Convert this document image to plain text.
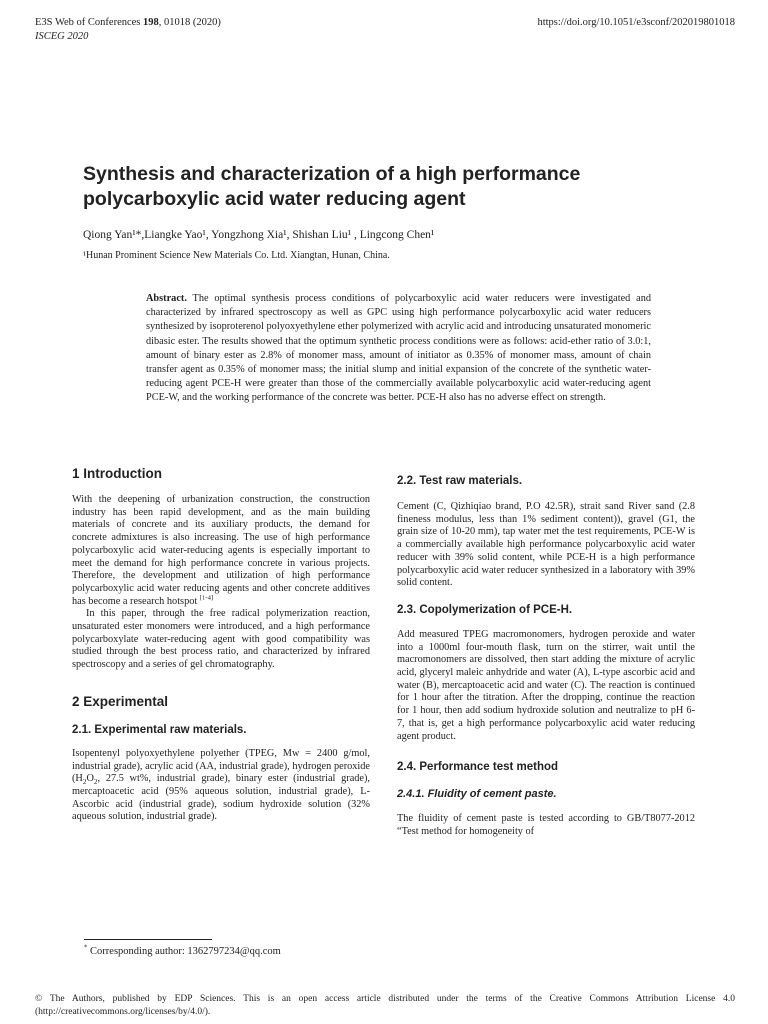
E3S Web of Conferences 198, 01018 (2020)
ISCEG 2020
https://doi.org/10.1051/e3sconf/202019801018
Synthesis and characterization of a high performance polycarboxylic acid water reducing agent
Qiong Yan¹*,Liangke Yao¹, Yongzhong Xia¹, Shishan Liu¹ , Lingcong Chen¹
¹Hunan Prominent Science New Materials Co. Ltd. Xiangtan, Hunan, China.

Abstract. The optimal synthesis process conditions of polycarboxylic acid water reducers were investigated and characterized by infrared spectroscopy as well as GPC using high performance polycarboxylic acid water reducers synthesized by isoproterenol polyoxyethylene ether polymerized with acrylic acid and introducing unsaturated monomeric dibasic ester. The results showed that the optimum synthetic process conditions were as follows: acid-ether ratio of 3.0:1, amount of binary ester as 2.8% of monomer mass, amount of initiator as 0.35% of monomer mass, amount of chain transfer agent as 0.35% of monomer mass; the initial slump and initial expansion of the concrete of the synthetic water-reducing agent PCE-H were greater than those of the commercially available polycarboxylic acid water-reducing agent PCE-W, and the working performance of the concrete was better. PCE-H also has no adverse effect on strength.

1 Introduction

With the deepening of urbanization construction, the construction industry has been rapid development, and as the main building materials of concrete and its auxiliary products, the demand for concrete admixtures is also increasing. The use of high performance polycarboxylic acid water-reducing agents is especially important to meet the demand for high performance concrete in various projects. Therefore, the development and utilization of high performance polycarboxylic acid water reducing agents and other concrete additives has become a research hotspot [1-4]

In this paper, through the free radical polymerization reaction, unsaturated ester monomers were introduced, and a high performance polycarboxylate water-reducing agent with good compatibility was studied through the best process ratio, and characterized by infrared spectroscopy and a series of gel chromatography.

2 Experimental
2.1. Experimental raw materials.

Isopentenyl polyoxyethylene polyether (TPEG, Mw = 2400 g/mol, industrial grade), acrylic acid (AA, industrial grade), hydrogen peroxide ($H_2O_2$, 27.5 wt%, industrial grade), binary ester (industrial grade), mercaptoacetic acid (95% aqueous solution, industrial grade), L-Ascorbic acid (industrial grade), sodium hydroxide solution (32% aqueous solution, industrial grade).

* Corresponding author: 1362797234@qq.com
2.2. Test raw materials.

Cement (C, Qizhiqiao brand, P.O 42.5R), strait sand River sand (2.8 fineness modulus, less than 1% sediment content)), gravel (G1, the grain size of 10-20 mm), tap water met the test requirements, PCE-W is a commercially available high performance polycarboxylic acid water reducer with 39% solid content, while PCE-H is a high performance polycarboxylic acid water reducer synthesized in a laboratory with 39% solid content.

2.3. Copolymerization of PCE-H.

Add measured TPEG macromonomers, hydrogen peroxide and water into a 1000ml four-mouth flask, turn on the stirrer, wait until the macromonomers are dissolved, then start adding the mixture of acrylic acid, glyceryl maleic anhydride and water (A), L-type ascorbic acid and water (B), mercaptoacetic acid and water (C). The reaction is continued for 1 hour after the titration. After the dropping, continue the reaction for 1 hour, then add sodium hydroxide solution and neutralize to pH 6-7, that is, get a high performance polycarboxylic acid water reducing agent product.

2.4. Performance test method
2.4.1. Fluidity of cement paste.

The fluidity of cement paste is tested according to GB/T8077-2012 “Test method for homogeneity of

© The Authors, published by EDP Sciences. This is an open access article distributed under the terms of the Creative Commons Attribution License 4.0 (http://creativecommons.org/licenses/by/4.0/).
